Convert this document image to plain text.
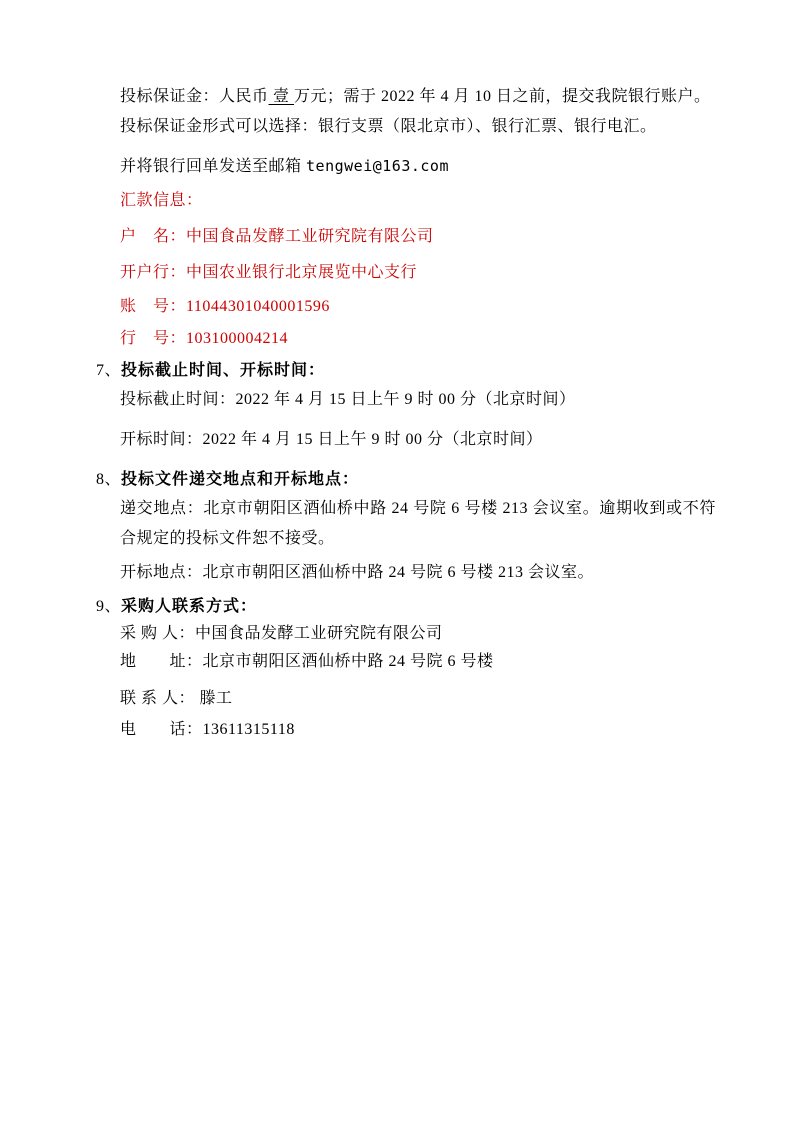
投标保证金：人民币 壹 万元；需于 2022 年 4 月 10 日之前，提交我院银行账户。

投标保证金形式可以选择：银行支票（限北京市）、银行汇票、银行电汇。

并将银行回单发送至邮箱 tengwei@163.com

汇款信息：

户　名：中国食品发酵工业研究院有限公司

开户行：中国农业银行北京展览中心支行

账　号：11044301040001596

行　号：103100004214

7、投标截止时间、开标时间：

投标截止时间：2022 年 4 月 15 日上午 9 时 00 分（北京时间）

开标时间：2022 年 4 月 15 日上午 9 时 00 分（北京时间）

8、投标文件递交地点和开标地点：

递交地点：北京市朝阳区酒仙桥中路 24 号院 6 号楼 213 会议室。逾期收到或不符合规定的投标文件恕不接受。

开标地点：北京市朝阳区酒仙桥中路 24 号院 6 号楼 213 会议室。

9、采购人联系方式：

采 购 人：中国食品发酵工业研究院有限公司

地　　址：北京市朝阳区酒仙桥中路 24 号院 6 号楼

联 系 人： 滕工

电　　话：13611315118
